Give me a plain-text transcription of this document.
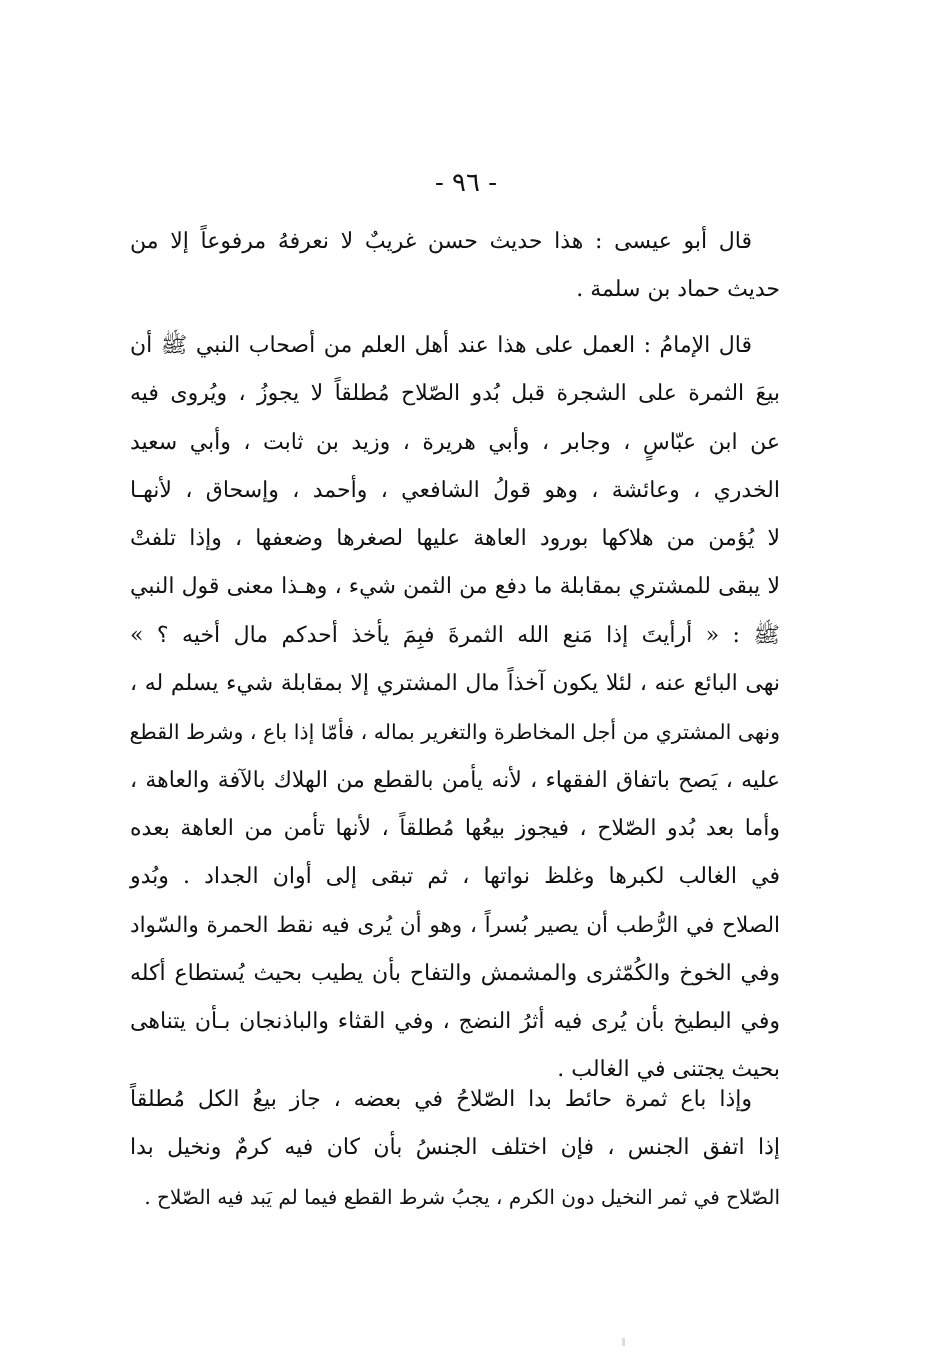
- ٩٦ -
قال أبو عيسى : هذا حديث حسن غريبٌ لا نعرفهُ مرفوعاً إلا من
حديث حماد بن سلمة .
قال الإمامُ : العمل على هذا عند أهل العلم من أصحاب النبي ﷺ أن
بيعَ الثمرة على الشجرة قبل بُدو الصّلاح مُطلقاً لا يجوزُ ، ويُروى فيه
عن ابن عبّاسٍ ، وجابر ، وأبي هريرة ، وزيد بن ثابت ، وأبي سعيد
الخدري ، وعائشة ، وهو قولُ الشافعي ، وأحمد ، وإسحاق ، لأنهـا
لا يُؤمن من هلاكها بورود العاهة عليها لصغرها وضعفها ، وإذا تلفتْ
لا يبقى للمشتري بمقابلة ما دفع من الثمن شيء ، وهـذا معنى قول النبي
ﷺ : « أرأيتَ إذا مَنع الله الثمرةَ فبِمَ يأخذ أحدكم مال أخيه ؟ »
نهى البائع عنه ، لئلا يكون آخذاً مال المشتري إلا بمقابلة شيء يسلم له ،
ونهى المشتري من أجل المخاطرة والتغرير بماله ، فأمّا إذا باع ، وشرط القطع
عليه ، يَصح باتفاق الفقهاء ، لأنه يأمن بالقطع من الهلاك بالآفة والعاهة ،
وأما بعد بُدو الصّلاح ، فيجوز بيعُها مُطلقاً ، لأنها تأمن من العاهة بعده
في الغالب لكبرها وغلظ نواتها ، ثم تبقى إلى أوان الجداد . وبُدو
الصلاح في الرُّطب أن يصير بُسراً ، وهو أن يُرى فيه نقط الحمرة والسّواد
وفي الخوخ والكُمّثرى والمشمش والتفاح بأن يطيب بحيث يُستطاع أكله
وفي البطيخ بأن يُرى فيه أثرُ النضج ، وفي القثاء والباذنجان بـأن يتناهى
بحيث يجتنى في الغالب .
وإذا باع ثمرة حائط بدا الصّلاحُ في بعضه ، جاز بيعُ الكل مُطلقاً
إذا اتفق الجنس ، فإن اختلف الجنسُ بأن كان فيه كرمٌ ونخيل بدا
الصّلاح في ثمر النخيل دون الكرم ، يجبُ شرط القطع فيما لم يَبد فيه الصّلاح .
